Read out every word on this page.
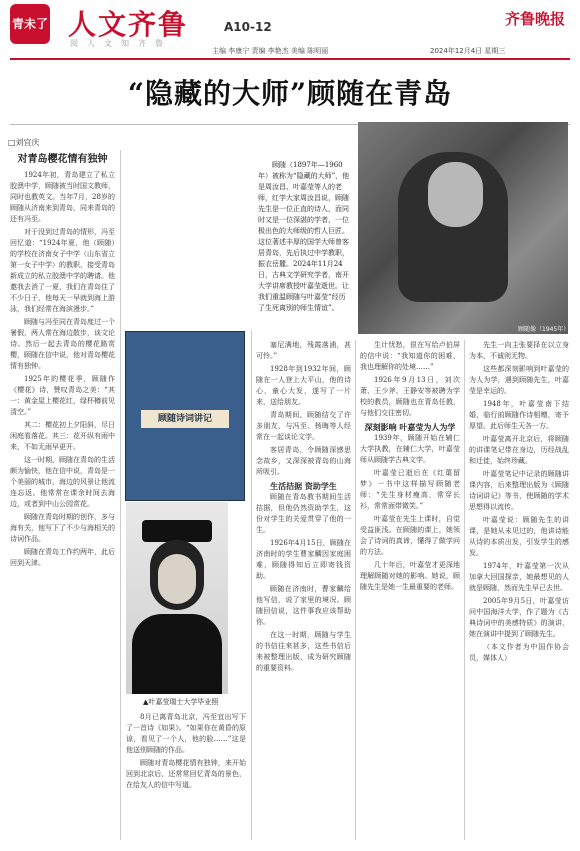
青未了 人文齐鲁
阅人文知齐鲁
A10-12	齐鲁晚报
主编 李康宁 责编 李艳杰 美编 陈明丽	2024年12月4日 星期三
“隐藏的大师”顾随在青岛
□刘宜庆
顾随像（1945年）

顾随（1897年—1960年）被称为“隐藏的大师”，他是周汝昌、叶嘉莹等人的老师，红学大家周汝昌说，顾随先生是一位正直的诗人，而同时又是一位深湛的学者，一位极出色的大师级的哲人巨匠。这位著述丰厚的国学大师曾客居青岛，先后执过中学教职，振衣岳麓。2024年11月24日，古典文学研究学者，南开大学讲席教授叶嘉莹逝世。让我们重温顾随与叶嘉莹“经历了生死离别的师生情谊”。

对青岛樱花情有独钟

1924年初，青岛建立了私立胶澳中学，顾随被当时国文教师，同时也教英文。当年7月，28岁的顾随从济南来到青岛，同来青岛的还有冯至。

对于没到过青岛的情形，冯至回忆道：“1924年夏，他（顾随）的学校在济南女子中学（山东省立第一女子中学）的教职，接受青岛新成立的私立胶澳中学的聘请。他邀我去消了一夏，我们在青岛住了不少日子，他每天一早就到海上游泳，我们经常在海滨漫步。”

顾随与冯至同在青岛度过一个暑假，两人常在海边散步，谈文论诗。然后一起去青岛的樱花路赏樱，顾随在信中说，他对青岛樱花情有独钟。

1925年的樱花季，顾随作《樱花》诗，赞叹青岛之美：“其一：黄金屋上樱花红，绿杯樽前见清空。”

其二：樱花初上夕阳斜，尽日闲庭看落花。其三：花开纵有雨中来，不如无雨早更开。

这一时期，顾随在青岛的生活颇为愉快，他在信中说，青岛是一个美丽的城市，海边的风景让他流连忘返。他常常在课余时间去海边，或者到中山公园赏花。

顾随在青岛时期的创作，多与海有关，他写下了不少与海相关的诗词作品。

顾随在青岛工作约两年，此后回到天津。

顾随诗词讲记
▲叶嘉莹瑞士大学毕业照

8月已离青岛北京，冯至宜出写下了一首诗《如果》。“如果你在黄昏的原谅，看见了一个人，他的脸……”这是他送别顾随的作品。

顾随对青岛樱花情有独钟，来开始回到北京后，还常常回忆青岛的景色，在给友人的信中写道。

塞尼满地，残霞落浦，甚可怜。”

1928年到1932年间，顾随在一人登上大平山，他的诗心，童心大发，遂写了一片来，送给朋友。

青岛期间，顾随结交了许多朋友，与冯至、杨晦等人经常在一起谈论文学。

客居青岛，令顾随深感思念故乡，又深深被青岛的山海所吸引。

生活拮据 资助学生

顾随在青岛教书期间生活拮据，但他仍然资助学生，这份对学生的关爱贯穿了他的一生。

1926年4月15日，顾随在济南时的学生曹家麟因家庭困难，顾随得知后立即寄钱资助。

顾随在济南时，曹家麟给他写信，说了家里的境况。顾随回信说，这件事我应该帮助你。

在这一时期，顾随与学生的书信往来甚多，这些书信后来被整理出版，成为研究顾随的重要资料。

生计忧愁，很在写给卢伯屏的信中说：“我知道你的困难，我也理解你的处境……”

1926年9月13日，刘次萧、王少斧、王静安等被聘为学校的教员，顾随也在青岛任教，与他们交往密切。

深刻影响 叶嘉莹为人为学

1939年，顾随开始在辅仁大学执教，在辅仁大学，叶嘉莹师从顾随学古典文学。

叶嘉莹已逝后在《红蕖留梦》一书中这样描写顾随老师：“先生身材瘦高，常穿长衫，常常面带微笑。”

叶嘉莹在先生上课时，自觉受益匪浅。在顾随的课上，她领会了诗词的真谛，懂得了做学问的方法。

几十年后，叶嘉莹才更深地理解顾随对她的影响。她说，顾随先生是她一生最重要的老师。

先生一向主张要择在以立身为本，不诚则无物。

这些都深刻影响到叶嘉莹的为人为学，遇到顾随先生，叶嘉莹是幸运的。

1948年，叶嘉莹南下结婚，临行前顾随作诗相赠，寄予厚望。此后师生天各一方。

叶嘉莹离开北京后，将顾随的讲课笔记带在身边，历经战乱和迁徙，始终珍藏。

叶嘉莹笔记中记录的顾随讲课内容，后来整理出版为《顾随诗词讲记》等书，使顾随的学术思想得以流传。

叶嘉莹说：顾随先生的讲课，是她从未见过的，他讲诗能从诗的本质出发，引发学生的感发。

1974年，叶嘉莹第一次从加拿大回国探亲，她最想见的人就是顾随，然而先生早已去世。

2005年9月5日，叶嘉莹访问中国海洋大学，作了题为《古典诗词中的美感特质》的演讲，她在演讲中提到了顾随先生。

（本文作者为中国作协会员，媒体人）
